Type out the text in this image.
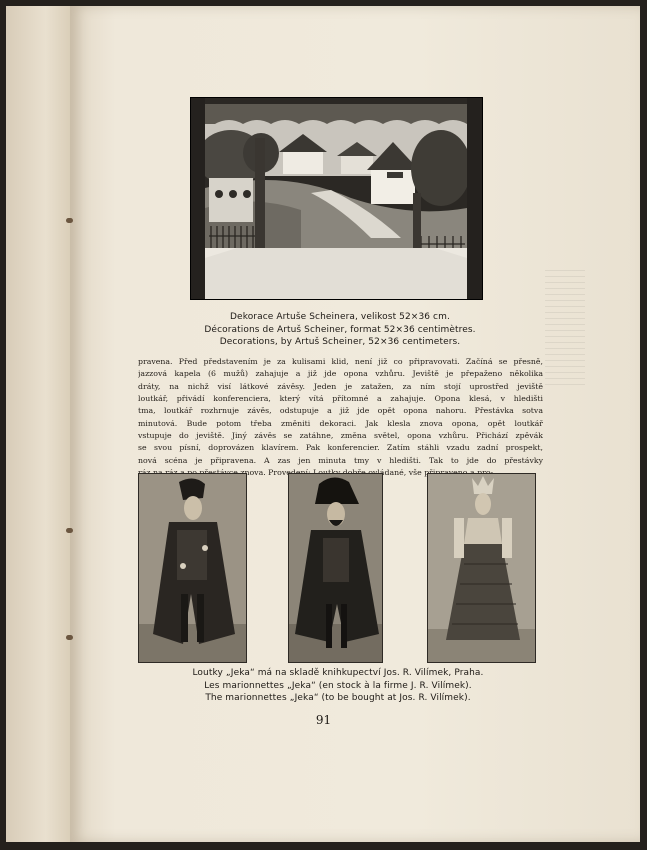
Dekorace Artuše Scheinera, velikost 52×36 cm.
Décorations de Artuš Scheiner, format 52×36 centimètres.
Decorations, by Artuš Scheiner, 52×36 centimeters.
pravena. Před představením je za kulisami klid, není již co připravovati. Začíná se přesně,
jazzová kapela (6 mužů) zahajuje a již jde opona vzhůru. Jeviště je přepaženo několika
dráty, na nichž visí látkové závěsy. Jeden je zatažen, za ním stojí uprostřed jeviště
loutkář, přivádí konferenciera, který vítá přítomné a zahajuje. Opona klesá, v hledišti
tma, loutkář rozhrnuje závěs, odstupuje a již jde opět opona nahoru. Přestávka sotva
minutová. Bude potom třeba změniti dekoraci. Jak klesla znova opona, opět loutkář
vstupuje do jeviště. Jiný závěs se zatáhne, změna světel, opona vzhůru. Přichází zpěvák
se svou písní, doprovázen klavírem. Pak konferencier. Zatím stáhli vzadu zadní prospekt,
nová scéna je připravena. A zas jen minuta tmy v hledišti. Tak to jde do přestávky
znova. ovládané, vše
Loutky „Jeka“ má na skladě knihkupectví Jos. R. Vilímek, Praha.
Les marionnettes „Jeka“ (en stock à la firme J. R. Vilímek).
The marionnettes „Jeka“ (to be bought at Jos. R. Vilímek).
91
